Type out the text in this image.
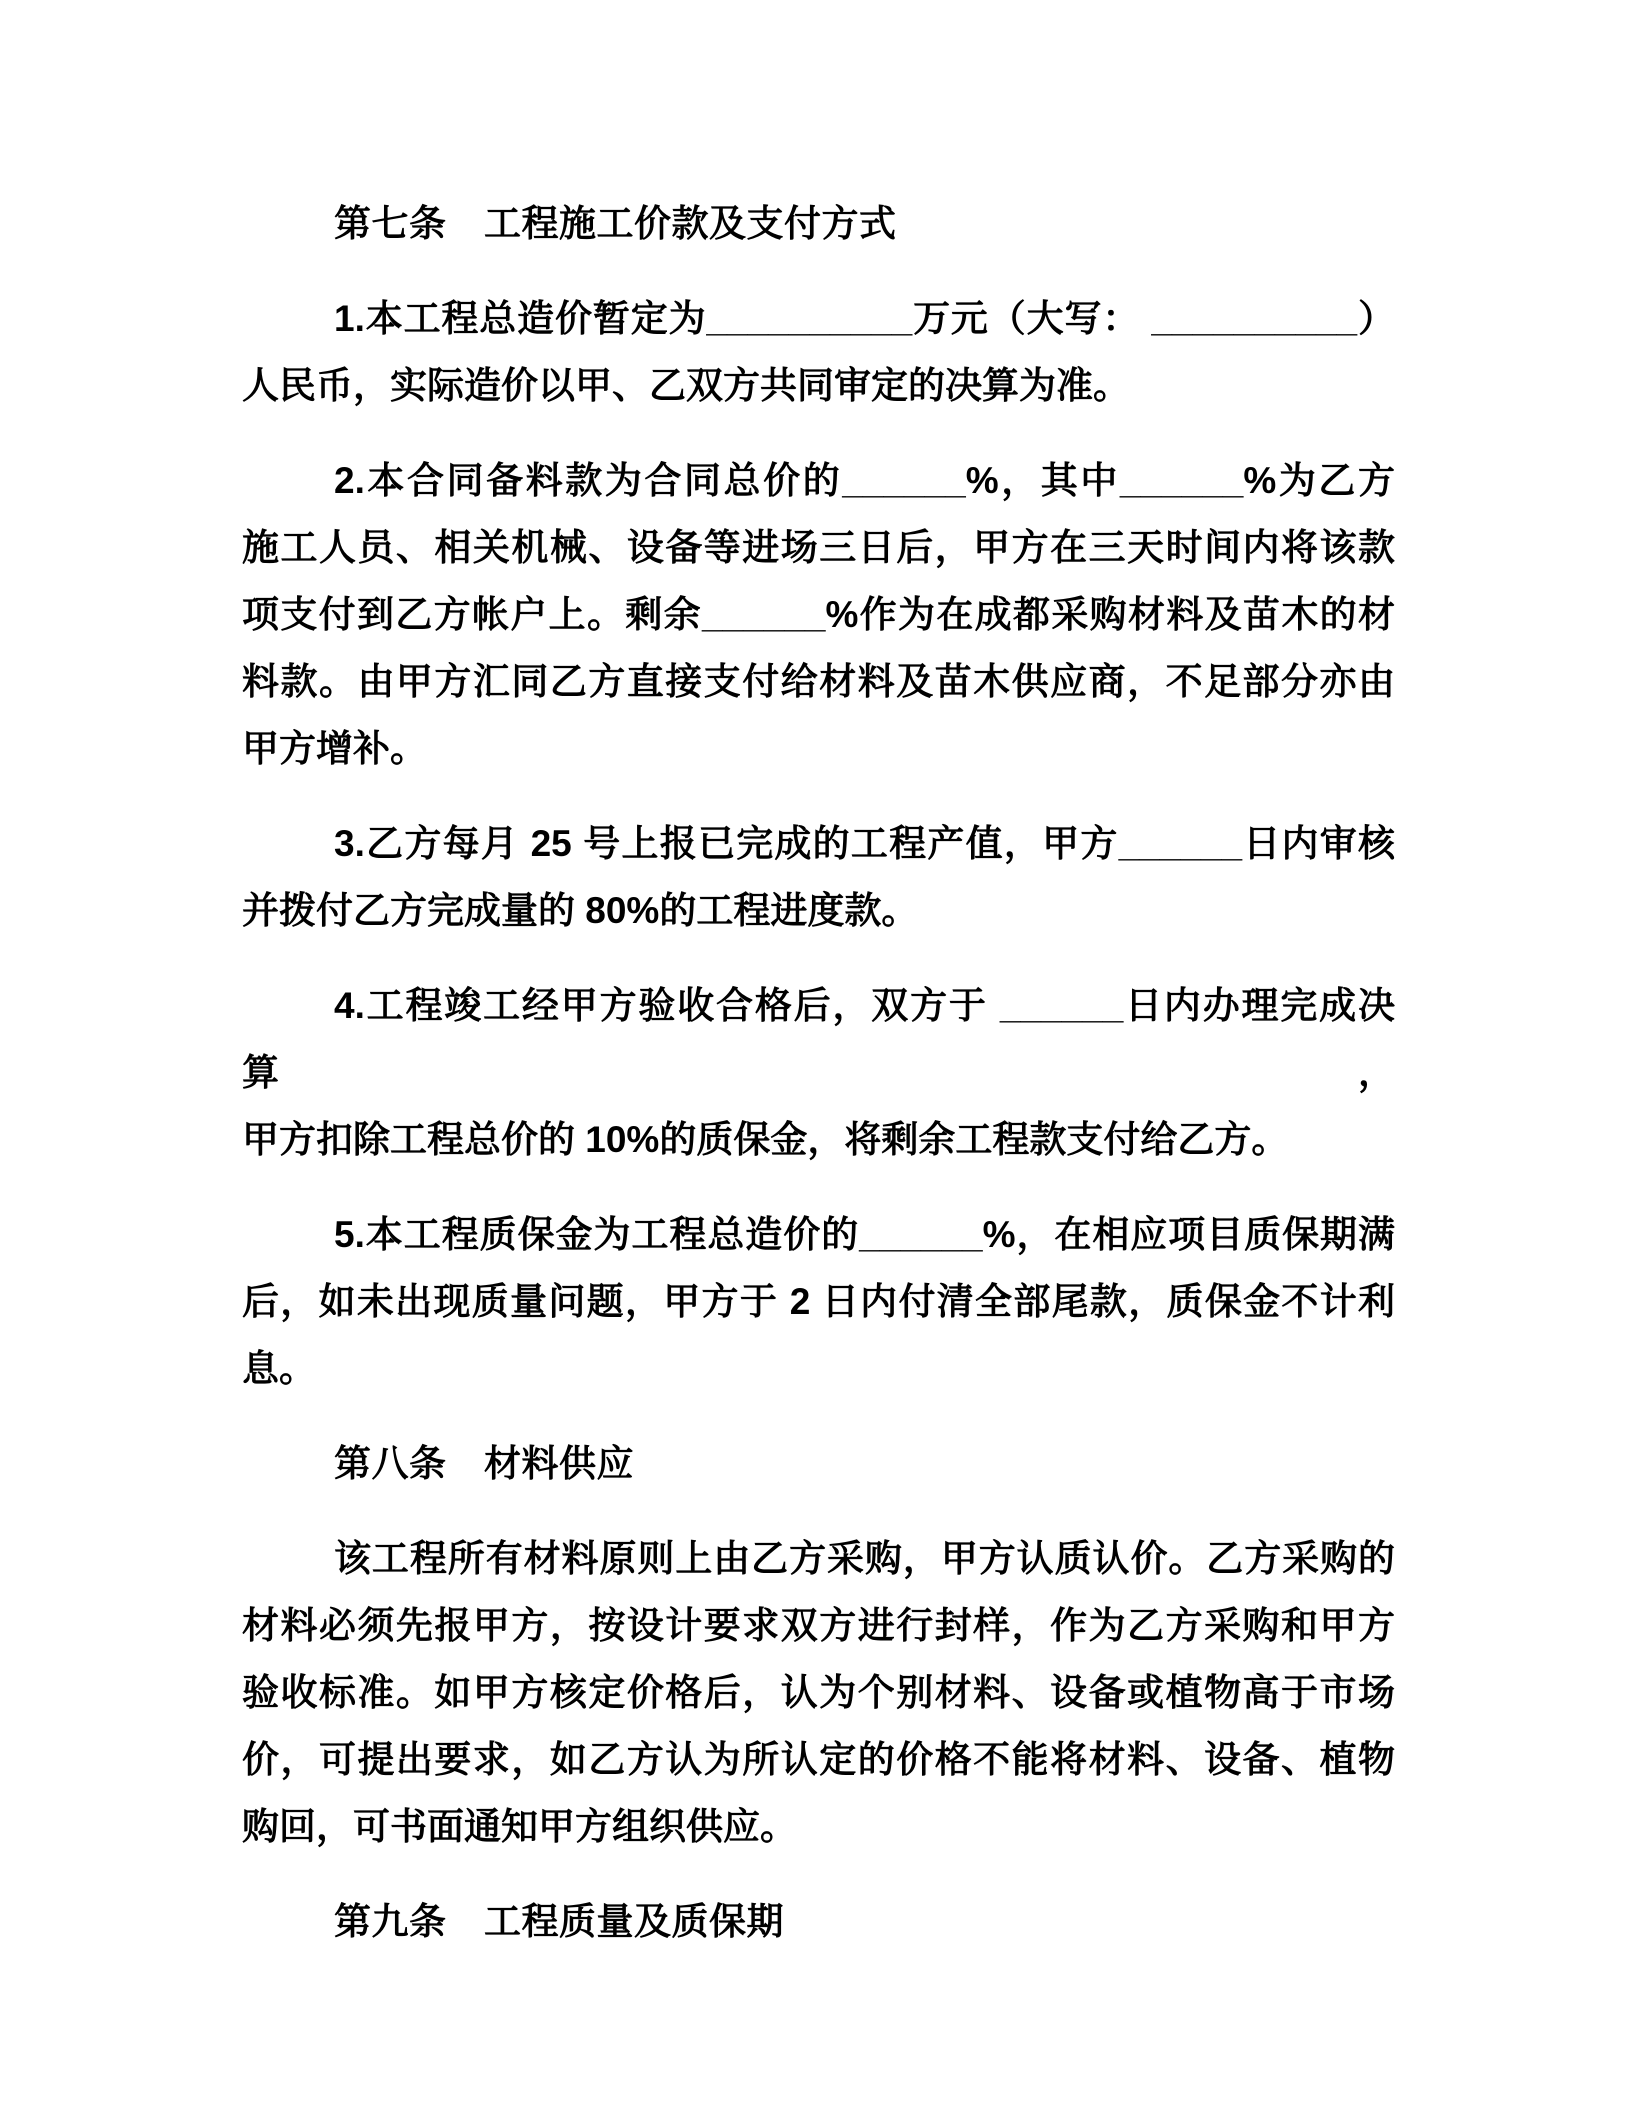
第七条　工程施工价款及支付方式
1.本工程总造价暂定为__________万元（大写： __________）
人民币，实际造价以甲、乙双方共同审定的决算为准。
2.本合同备料款为合同总价的______%，其中______%为乙方
施工人员、相关机械、设备等进场三日后，甲方在三天时间内将该款
项支付到乙方帐户上。剩余______%作为在成都采购材料及苗木的材
料款。由甲方汇同乙方直接支付给材料及苗木供应商，不足部分亦由
甲方增补。
3.乙方每月 25 号上报已完成的工程产值，甲方______日内审核
并拨付乙方完成量的 80%的工程进度款。
4.工程竣工经甲方验收合格后，双方于 ______日内办理完成决算，
甲方扣除工程总价的 10%的质保金，将剩余工程款支付给乙方。
5.本工程质保金为工程总造价的______%，在相应项目质保期满
后，如未出现质量问题，甲方于 2 日内付清全部尾款，质保金不计利
息。
第八条　材料供应
该工程所有材料原则上由乙方采购，甲方认质认价。乙方采购的
材料必须先报甲方，按设计要求双方进行封样，作为乙方采购和甲方
验收标准。如甲方核定价格后，认为个别材料、设备或植物高于市场
价，可提出要求，如乙方认为所认定的价格不能将材料、设备、植物
购回，可书面通知甲方组织供应。
第九条　工程质量及质保期
